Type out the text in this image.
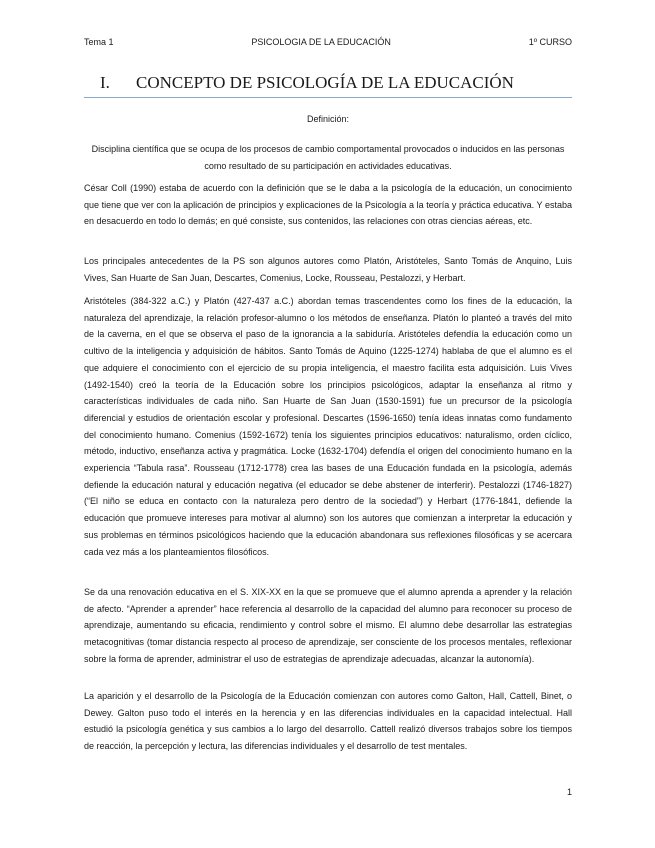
Tema 1	PSICOLOGIA DE LA EDUCACIÓN	1º CURSO
I. CONCEPTO DE PSICOLOGÍA DE LA EDUCACIÓN
Definición:
Disciplina científica que se ocupa de los procesos de cambio comportamental provocados o inducidos en las personas como resultado de su participación en actividades educativas.

César Coll (1990) estaba de acuerdo con la definición que se le daba a la psicología de la educación, un conocimiento que tiene que ver con la aplicación de principios y explicaciones de la Psicología a la teoría y práctica educativa. Y estaba en desacuerdo en todo lo demás; en qué consiste, sus contenidos, las relaciones con otras ciencias aéreas, etc.

Los principales antecedentes de la PS son algunos autores como Platón, Aristóteles, Santo Tomás de Anquino, Luis Vives, San Huarte de San Juan, Descartes, Comenius, Locke, Rousseau, Pestalozzi, y Herbart.

Aristóteles (384-322 a.C.) y Platón (427-437 a.C.) abordan temas trascendentes como los fines de la educación, la naturaleza del aprendizaje, la relación profesor-alumno o los métodos de enseñanza. Platón lo planteó a través del mito de la caverna, en el que se observa el paso de la ignorancia a la sabiduría. Aristóteles defendía la educación como un cultivo de la inteligencia y adquisición de hábitos. Santo Tomás de Aquino (1225-1274) hablaba de que el alumno es el que adquiere el conocimiento con el ejercicio de su propia inteligencia, el maestro facilita esta adquisición. Luis Vives (1492-1540) creó la teoría de la Educación sobre los principios psicológicos, adaptar la enseñanza al ritmo y características individuales de cada niño. San Huarte de San Juan (1530-1591) fue un precursor de la psicología diferencial y estudios de orientación escolar y profesional. Descartes (1596-1650) tenía ideas innatas como fundamento del conocimiento humano. Comenius (1592-1672) tenía los siguientes principios educativos: naturalismo, orden cíclico, método, inductivo, enseñanza activa y pragmática. Locke (1632-1704) defendía el origen del conocimiento humano en la experiencia “Tabula rasa”. Rousseau (1712-1778) crea las bases de una Educación fundada en la psicología, además defiende la educación natural y educación negativa (el educador se debe abstener de interferir). Pestalozzi (1746-1827) (“El niño se educa en contacto con la naturaleza pero dentro de la sociedad”) y Herbart (1776-1841, defiende la educación que promueve intereses para motivar al alumno) son los autores que comienzan a interpretar la educación y sus problemas en términos psicológicos haciendo que la educación abandonara sus reflexiones filosóficas y se acercara cada vez más a los planteamientos filosóficos.

Se da una renovación educativa en el S. XIX-XX en la que se promueve que el alumno aprenda a aprender y la relación de afecto. “Aprender a aprender” hace referencia al desarrollo de la capacidad del alumno para reconocer su proceso de aprendizaje, aumentando su eficacia, rendimiento y control sobre el mismo. El alumno debe desarrollar las estrategias metacognitivas (tomar distancia respecto al proceso de aprendizaje, ser consciente de los procesos mentales, reflexionar sobre la forma de aprender, administrar el uso de estrategias de aprendizaje adecuadas, alcanzar la autonomía).

La aparición y el desarrollo de la Psicología de la Educación comienzan con autores como Galton, Hall, Cattell, Binet, o Dewey. Galton puso todo el interés en la herencia y en las diferencias individuales en la capacidad intelectual. Hall estudió la psicología genética y sus cambios a lo largo del desarrollo. Cattell realizó diversos trabajos sobre los tiempos de reacción, la percepción y lectura, las diferencias individuales y el desarrollo de test mentales.

1
